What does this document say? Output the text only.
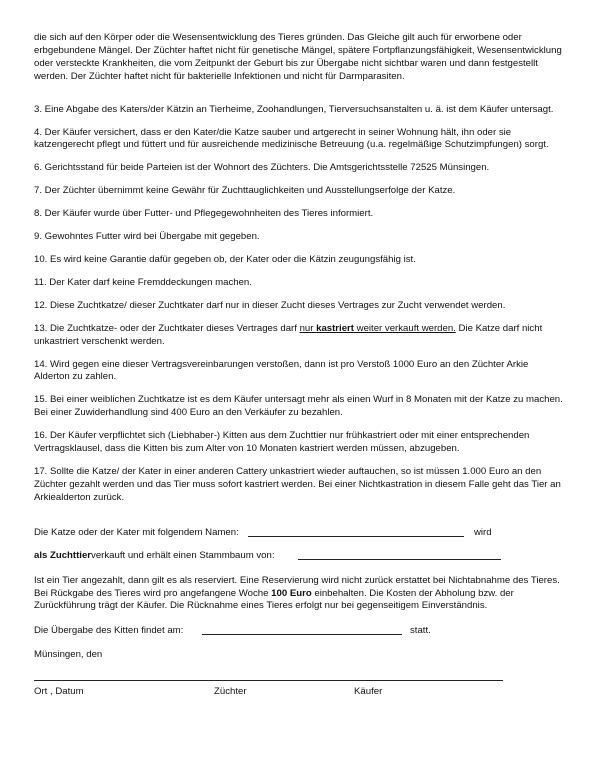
die sich auf den Körper oder die Wesensentwicklung des Tieres gründen. Das Gleiche gilt auch für erworbene oder erbgebundene Mängel. Der Züchter haftet nicht für genetische Mängel, spätere Fortpflanzungsfähigkeit, Wesensentwicklung oder versteckte Krankheiten, die vom Zeitpunkt der Geburt bis zur Übergabe nicht sichtbar waren und dann festgestellt werden. Der Züchter haftet nicht für bakterielle Infektionen und nicht für Darmparasiten.

3. Eine Abgabe des Katers/der Kätzin an Tierheime, Zoohandlungen, Tierversuchsanstalten u. ä. ist dem Käufer untersagt.

4. Der Käufer versichert, dass er den Kater/die Katze sauber und artgerecht in seiner Wohnung hält, ihn oder sie katzengerecht pflegt und füttert und für ausreichende medizinische Betreuung (u.a. regelmäßige Schutzimpfungen) sorgt.

6. Gerichtsstand für beide Parteien ist der Wohnort des Züchters. Die Amtsgerichtsstelle 72525 Münsingen.

7. Der Züchter übernimmt keine Gewähr für Zuchttauglichkeiten und Ausstellungserfolge der Katze.

8. Der Käufer wurde über Futter- und Pflegegewohnheiten des Tieres informiert.

9. Gewohntes Futter wird bei Übergabe mit gegeben.

10. Es wird keine Garantie dafür gegeben ob, der Kater oder die Kätzin zeugungsfähig ist.

11. Der Kater darf keine Fremddeckungen machen.

12. Diese Zuchtkatze/ dieser Zuchtkater darf nur in dieser Zucht dieses Vertrages zur Zucht verwendet werden.

13. Die Zuchtkatze- oder der Zuchtkater dieses Vertrages darf nur kastriert weiter verkauft werden. Die Katze darf nicht unkastriert verschenkt werden.

14. Wird gegen eine dieser Vertragsvereinbarungen verstoßen, dann ist pro Verstoß 1000 Euro an den Züchter Arkie Alderton zu zahlen.

15. Bei einer weiblichen Zuchtkatze ist es dem Käufer untersagt mehr als einen Wurf in 8 Monaten mit der Katze zu machen. Bei einer Zuwiderhandlung sind 400 Euro an den Verkäufer zu bezahlen.

16. Der Käufer verpflichtet sich (Liebhaber-) Kitten aus dem Zuchttier nur frühkastriert oder mit einer entsprechenden Vertragsklausel, dass die Kitten bis zum Alter von 10 Monaten kastriert werden müssen, abzugeben.

17. Sollte die Katze/ der Kater in einer anderen Cattery unkastriert wieder auftauchen, so ist müssen 1.000 Euro an den Züchter gezahlt werden und das Tier muss sofort kastriert werden. Bei einer Nichtkastration in diesem Falle geht das Tier an Arkiealderton zurück.

Die Katze oder der Kater mit folgendem Namen:	wird
als Zuchttier verkauft und erhält einen Stammbaum von:

Ist ein Tier angezahlt, dann gilt es als reserviert. Eine Reservierung wird nicht zurück erstattet bei Nichtabnahme des Tieres. Bei Rückgabe des Tieres wird pro angefangene Woche 100 Euro einbehalten. Die Kosten der Abholung bzw. der Zurückführung trägt der Käufer. Die Rücknahme eines Tieres erfolgt nur bei gegenseitigem Einverständnis.

Die Übergabe des Kitten findet am:	statt.

Münsingen, den

Ort , Datum	Züchter	Käufer
